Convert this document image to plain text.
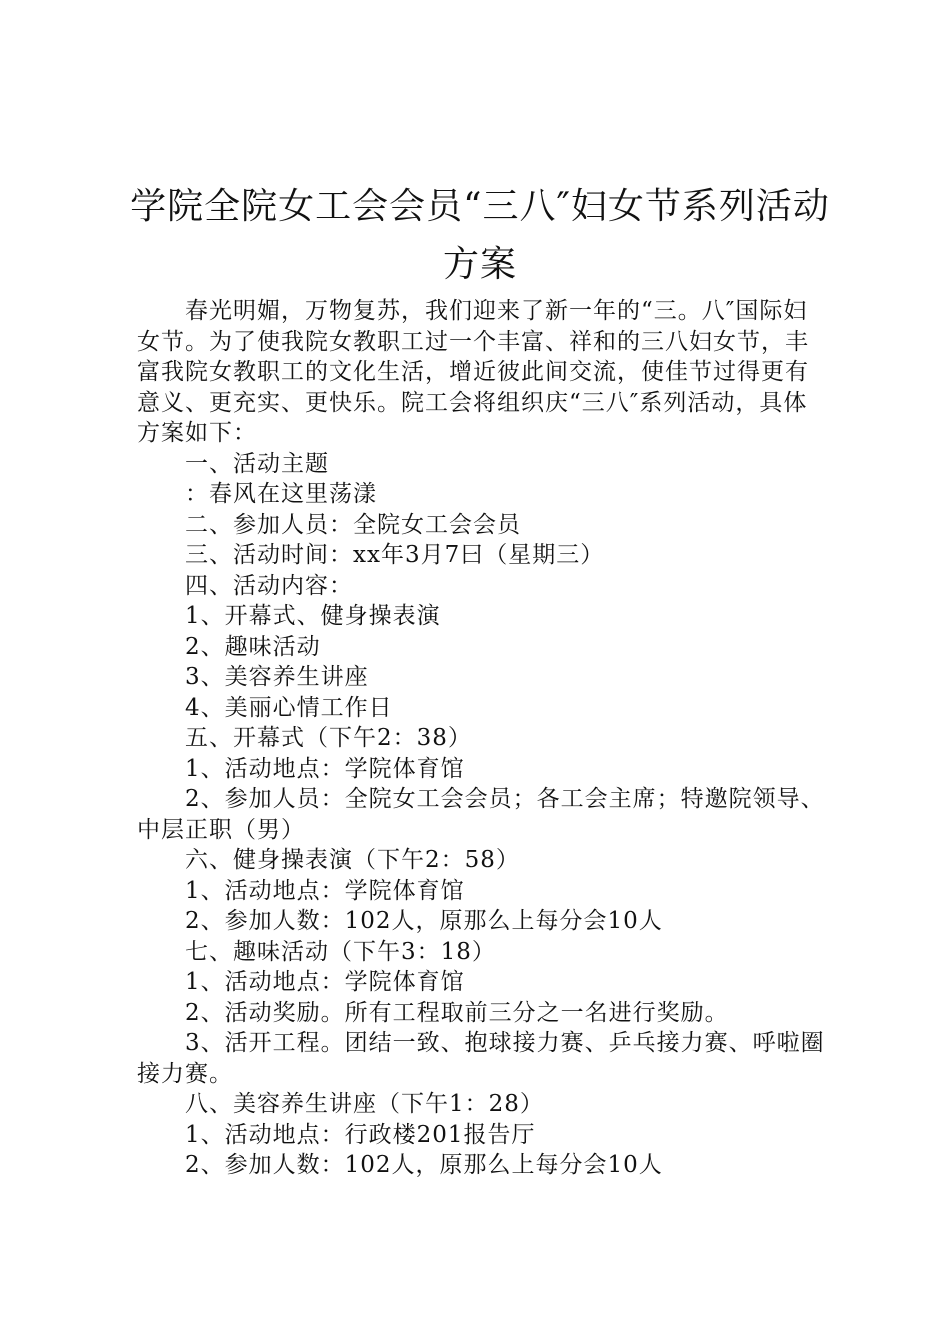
学院全院女工会会员“三八″妇女节系列活动
方案

春光明媚，万物复苏，我们迎来了新一年的“三。八″国际妇女节。为了使我院女教职工过一个丰富、祥和的三八妇女节，丰富我院女教职工的文化生活，增近彼此间交流，使佳节过得更有意义、更充实、更快乐。院工会将组织庆“三八″系列活动，具体方案如下：

一、活动主题

：春风在这里荡漾

二、参加人员：全院女工会会员

三、活动时间：xx年3月7曰（星期三）

四、活动内容：

1、开幕式、健身操表演

2、趣味活动

3、美容养生讲座

4、美丽心情工作日

五、开幕式（下午2：38）

1、活动地点：学院体育馆

2、参加人员：全院女工会会员；各工会主席；特邀院领导、中层正职（男）

六、健身操表演（下午2：58）

1、活动地点：学院体育馆

2、参加人数：102人，原那么上每分会10人

七、趣味活动（下午3：18）

1、活动地点：学院体育馆

2、活动奖励。所有工程取前三分之一名进行奖励。

3、活开工程。团结一致、抱球接力赛、乒乓接力赛、呼啦圈接力赛。

八、美容养生讲座（下午1：28）

1、活动地点：行政楼201报告厅

2、参加人数：102人，原那么上每分会10人
